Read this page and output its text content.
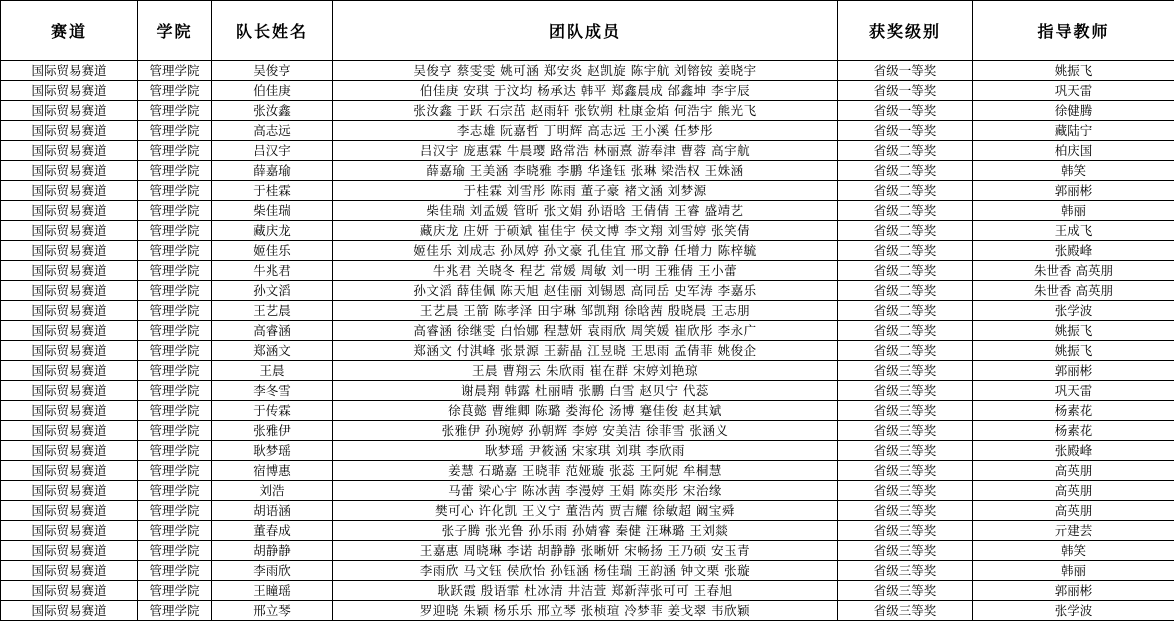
赛道	学院	队长姓名	团队成员	获奖级别	指导教师
国际贸易赛道	管理学院	吴俊亨	吴俊亨 蔡雯雯 姚可涵 郑安炎 赵凯旋 陈宇航 刘镕铵 姜晓宇	省级一等奖	姚振飞
国际贸易赛道	管理学院	伯佳庚	伯佳庚 安琪 于汶均 杨承达 韩平 郑鑫晨成 邰鑫坤 李宇辰	省级一等奖	巩天雷
国际贸易赛道	管理学院	张汝鑫	张汝鑫 于跃 石宗茁 赵雨轩 张钦朔 杜康金焰 何浩宇 熊光飞	省级一等奖	徐健腾
国际贸易赛道	管理学院	高志远	李志雄 阮嘉哲 丁明辉 高志远 王小溪 任梦彤	省级一等奖	藏陆宁
国际贸易赛道	管理学院	吕汉宇	吕汉宇 庞惠霖 牛晨璎 路常浩 林丽熹 游奉津 曹蓉 高宇航	省级二等奖	柏庆国
国际贸易赛道	管理学院	薛嘉瑜	薛嘉瑜 王美涵 李晓雅 李鹏 华逢钰 张琳 梁浩权 王姝涵	省级二等奖	韩笑
国际贸易赛道	管理学院	于桂霖	于桂霖 刘雪彤 陈雨 董子豪 褚文涵 刘梦源	省级二等奖	郭丽彬
国际贸易赛道	管理学院	柴佳瑞	柴佳瑞 刘孟媛 管昕 张文娟 孙语晗 王倩倩 王睿 盛靖艺	省级二等奖	韩丽
国际贸易赛道	管理学院	藏庆龙	藏庆龙 庄妍 于硕斌 崔佳宇 侯文博 李文翔 刘雪婷 张笑倩	省级二等奖	王成飞
国际贸易赛道	管理学院	姬佳乐	姬佳乐 刘成志 孙凤婷 孙文豪 孔佳宜 邢文静 任增力 陈梓毓	省级二等奖	张殿峰
国际贸易赛道	管理学院	牛兆君	牛兆君 关晓冬 程艺 常媛 周敏 刘一明 王雅倩 王小蕾	省级二等奖	朱世香 高英朋
国际贸易赛道	管理学院	孙文滔	孙文滔 薛佳佩 陈天旭 赵佳丽 刘锡恩 高同岳 史军涛 李嘉乐	省级二等奖	朱世香 高英朋
国际贸易赛道	管理学院	王艺晨	王艺晨 王箭 陈孝泽 田宇琳 邹凯翔 徐晗茜 殷晓晨 王志朋	省级二等奖	张学波
国际贸易赛道	管理学院	高睿涵	高睿涵 徐继雯 白怡娜 程慧妍 袁雨欣 周笑媛 崔欣彤 李永广	省级二等奖	姚振飞
国际贸易赛道	管理学院	郑涵文	郑涵文 付淇峰 张景源 王薪晶 江昱晓 王思雨 孟倩菲 姚俊企	省级二等奖	姚振飞
国际贸易赛道	管理学院	王晨	王晨 曹翔云 朱欣雨 崔在群 宋婷刘艳琼	省级三等奖	郭丽彬
国际贸易赛道	管理学院	李冬雪	谢晨翔 韩露 杜丽晴 张鹏 白雪 赵贝宁 代蕊	省级三等奖	巩天雷
国际贸易赛道	管理学院	于传霖	徐茛懿 曹维卿 陈璐 娄海伦 汤博 蹇佳俊 赵其斌	省级三等奖	杨素花
国际贸易赛道	管理学院	张雅伊	张雅伊 孙琬婷 孙朝辉 李婷 安美洁 徐菲雪 张涵义	省级三等奖	杨素花
国际贸易赛道	管理学院	耿梦瑶	耿梦瑶 尹筱涵 宋家琪 刘琪 李欣雨	省级三等奖	张殿峰
国际贸易赛道	管理学院	宿博惠	姜慧 石璐嘉 王晓菲 范娅璇 张蕊 王阿妮 牟桐慧	省级三等奖	高英朋
国际贸易赛道	管理学院	刘浩	马蕾 梁心宇 陈冰茜 李漫婷 王娟 陈奕彤 宋治缘	省级三等奖	高英朋
国际贸易赛道	管理学院	胡语涵	樊可心 许化凯 王义宁 董浩芮 贾吉耀 徐敏超 阚宝舜	省级三等奖	高英朋
国际贸易赛道	管理学院	董春成	张子腾 张光鲁 孙乐雨 孙婧睿 秦健 汪琳璐 王刘燚	省级三等奖	亓建芸
国际贸易赛道	管理学院	胡静静	王嘉惠 周晓琳 李诺 胡静静 张晰妍 宋畅扬 王乃硕 安玉青	省级三等奖	韩笑
国际贸易赛道	管理学院	李雨欣	李雨欣 马文钰 侯欣怡 孙钰涵 杨佳瑞 王韵涵 钟文栗 张璇	省级三等奖	韩丽
国际贸易赛道	管理学院	王瞳瑶	耿跃霞 殷语霏 杜冰清 井洁萱 郑新萍张可可 王春旭	省级三等奖	郭丽彬
国际贸易赛道	管理学院	邢立琴	罗迎晓 朱颖 杨乐乐 邢立琴 张桢瑄 冷梦菲 姜戈翠 韦欣颖	省级三等奖	张学波
